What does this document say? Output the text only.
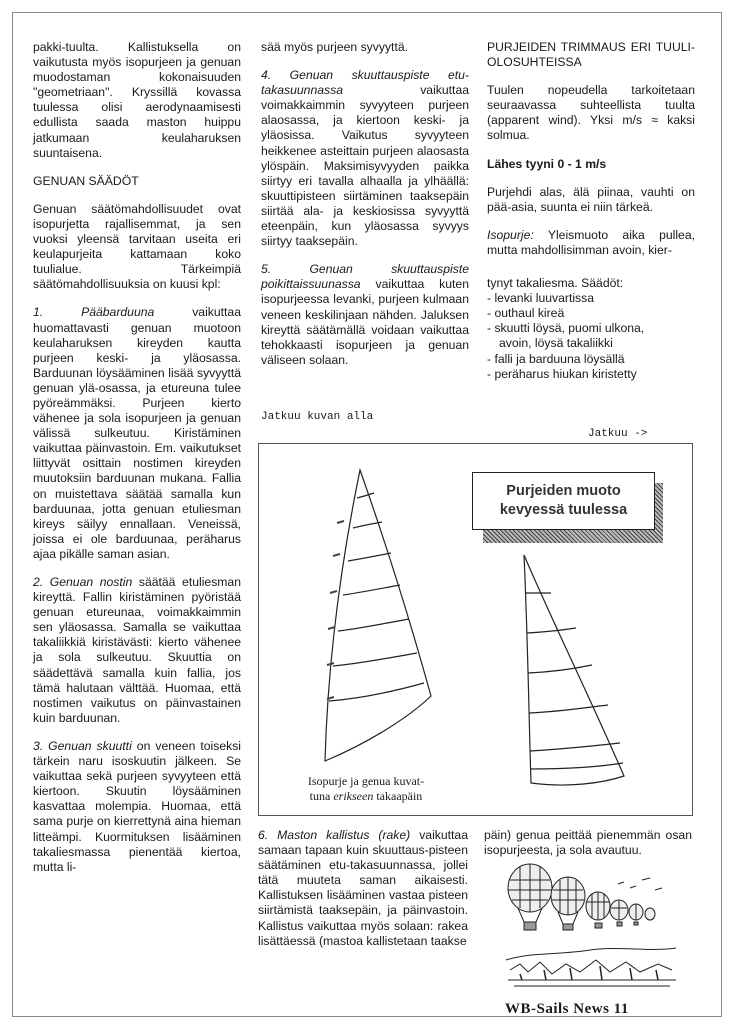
pakki-tuulta. Kallistuksella on vaikutusta myös isopurjeen ja genuan muodostaman kokonaisuuden "geometriaan". Kryssillä kovassa tuulessa olisi aerodynaamisesti edullista saada maston huippu jatkumaan keulaharuksen suuntaisena.

GENUAN SÄÄDÖT

Genuan säätömahdollisuudet ovat isopurjetta rajallisemmat, ja sen vuoksi yleensä tarvitaan useita eri keulapurjeita kattamaan koko tuulialue. Tärkeimpiä säätömahdollisuuksia on kuusi kpl:

1. Pääbarduuna vaikuttaa huomattavasti genuan muotoon keulaharuksen kireyden kautta purjeen keski- ja yläosassa. Barduunan löysääminen lisää syvyyttä genuan ylä-osassa, ja etureuna tulee pyöreämmäksi. Purjeen kierto vähenee ja sola isopurjeen ja genuan välissä sulkeutuu. Kiristäminen vaikuttaa päinvastoin. Em. vaikutukset liittyvät osittain nostimen kireyden muutoksiin barduunan mukana. Fallia on muistettava säätää samalla kun barduunaa, jotta genuan etuliesman kireys säilyy ennallaan. Veneissä, joissa ei ole barduunaa, peräharus ajaa pikälle saman asian.

2. Genuan nostin säätää etuliesman kireyttä. Fallin kiristäminen pyöristää genuan etureunaa, voimakkaimmin sen yläosassa. Samalla se vaikuttaa takaliikkiä kiristävästi: kierto vähenee ja sola sulkeutuu. Skuuttia on säädettävä samalla kuin fallia, jos tämä halutaan välttää. Huomaa, että nostimen vaikutus on päinvastainen kuin barduunan.

3. Genuan skuutti on veneen toiseksi tärkein naru isoskuutin jälkeen. Se vaikuttaa sekä purjeen syvyyteen että kiertoon. Skuutin löysääminen kasvattaa molempia. Huomaa, että sama purje on kierrettynä aina hieman litteämpi. Kuormituksen lisääminen takaliesmassa pienentää kiertoa, mutta li-

sää myös purjeen syvyyttä.

4. Genuan skuuttauspiste etu-takasuunnassa vaikuttaa voimakkaimmin syvyyteen purjeen alaosassa, ja kiertoon keski- ja yläosissa. Vaikutus syvyyteen heikkenee asteittain purjeen alaosasta ylöspäin. Maksimisyvyyden paikka siirtyy eri tavalla alhaalla ja ylhäällä: skuuttipisteen siirtäminen taaksepäin siirtää ala- ja keskiosissa syvyyttä eteenpäin, kun yläosassa syvyys siirtyy taaksepäin.

5. Genuan skuuttauspiste poikittaissuunassa vaikuttaa kuten isopurjeessa levanki, purjeen kulmaan veneen keskilinjaan nähden. Jaluksen kireyttä säätämällä voidaan vaikuttaa tehokkaasti isopurjeen ja genuan väliseen solaan.

Jatkuu kuvan alla

PURJEIDEN TRIMMAUS ERI TUULI-OLOSUHTEISSA

Tuulen nopeudella tarkoitetaan seuraavassa suhteellista tuulta (apparent wind). Yksi m/s ≈ kaksi solmua.

Lähes tyyni 0 - 1 m/s

Purjehdi alas, älä piinaa, vauhti on pää-asia, suunta ei niin tärkeä.

Isopurje: Yleismuoto aika pullea, mutta mahdollisimman avoin, kier-

tynyt takaliesma. Säädöt:

- levanki luuvartissa
- outhaul kireä
- skuutti löysä, puomi ulkona,
avoin, löysä takaliikki
- falli ja barduuna löysällä
- peräharus hiukan kiristetty
Jatkuu ->
Purjeiden muoto
kevyessä tuulessa
Isopurje ja genua kuvat-
tuna erikseen takaapäin
6. Maston kallistus (rake) vaikuttaa samaan tapaan kuin skuuttaus-pisteen säätäminen etu-takasuunnassa, jollei tätä muuteta saman aikaisesti. Kallistuksen lisääminen vastaa pisteen siirtämistä taaksepäin, ja päinvastoin. Kallistus vaikuttaa myös solaan: rakea lisättäessä (mastoa kallistetaan taakse
päin) genua peittää pienemmän osan isopurjeesta, ja sola avautuu.
WB-Sails News 11
